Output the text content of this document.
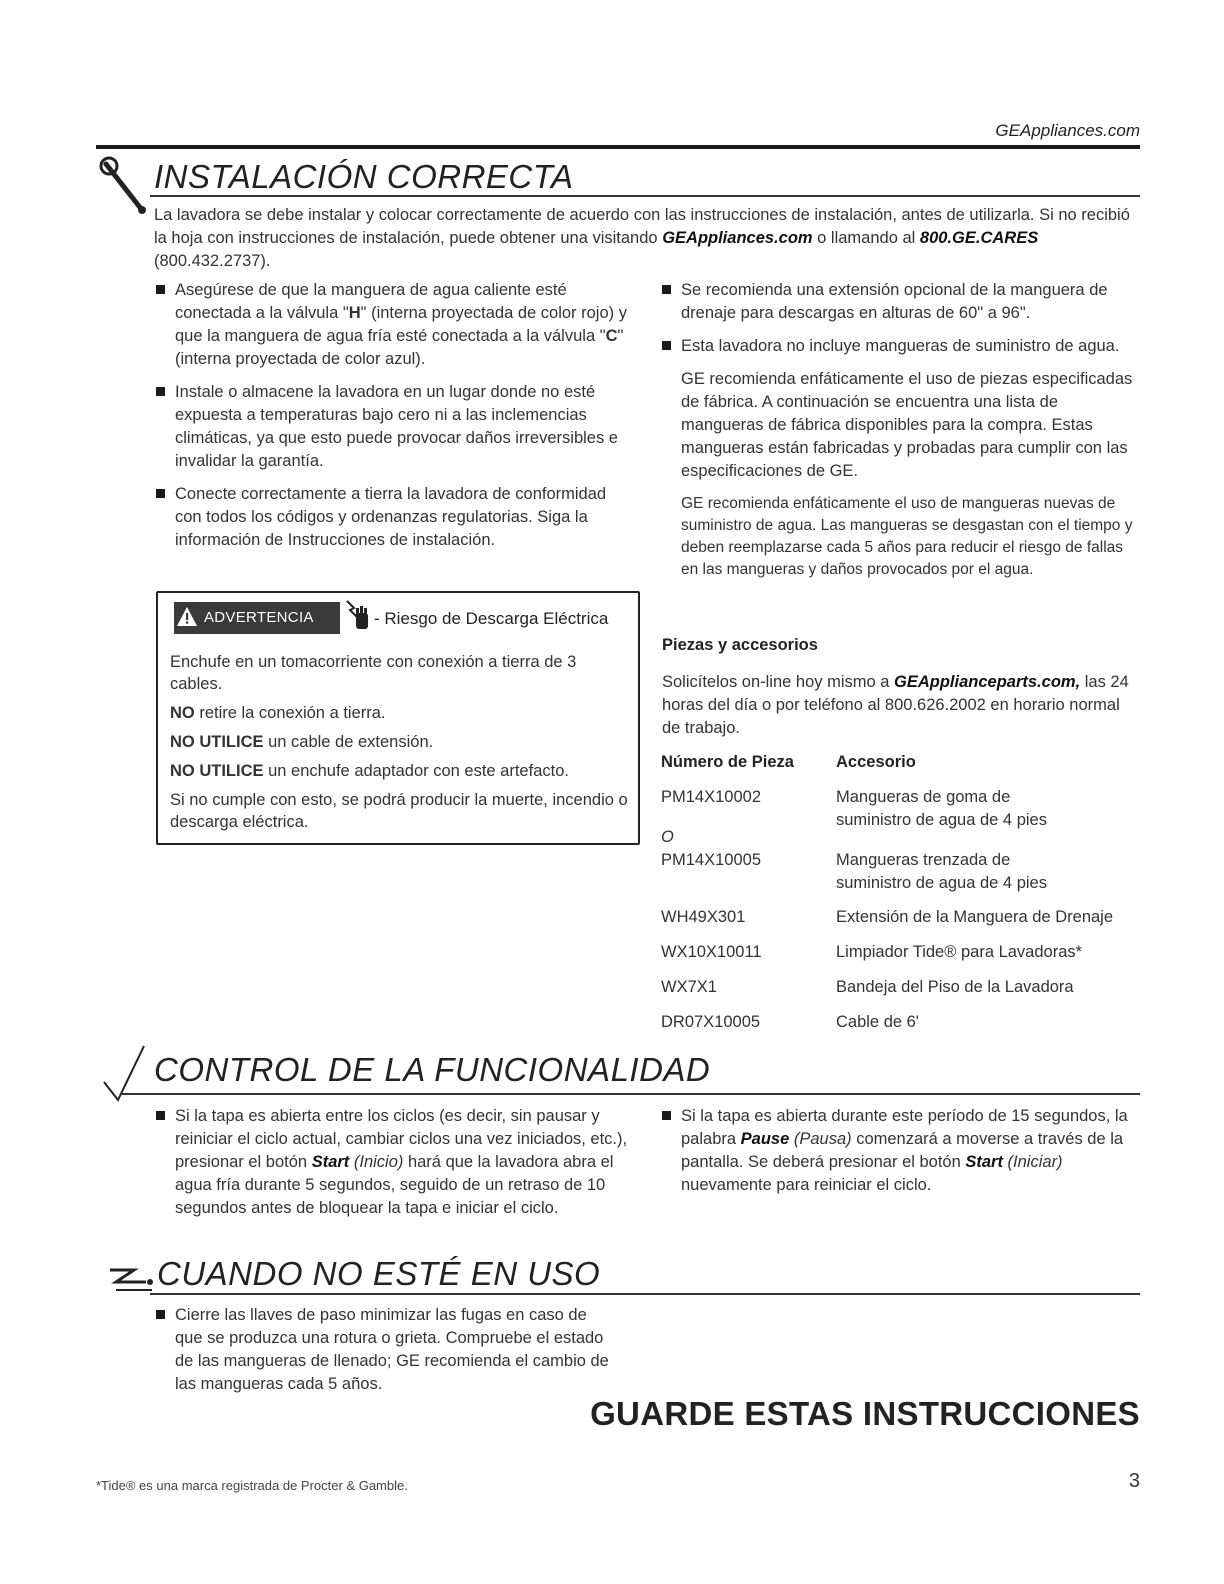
GEAppliances.com
INSTALACIÓN CORRECTA

La lavadora se debe instalar y colocar correctamente de acuerdo con las instrucciones de instalación, antes de utilizarla. Si no recibió la hoja con instrucciones de instalación, puede obtener una visitando GEAppliances.com o llamando al 800.GE.CARES (800.432.2737).

Asegúrese de que la manguera de agua caliente esté conectada a la válvula "H" (interna proyectada de color rojo) y que la manguera de agua fría esté conectada a la válvula "C" (interna proyectada de color azul).
Instale o almacene la lavadora en un lugar donde no esté expuesta a temperaturas bajo cero ni a las inclemencias climáticas, ya que esto puede provocar daños irreversibles e invalidar la garantía.
Conecte correctamente a tierra la lavadora de conformidad con todos los códigos y ordenanzas regulatorias. Siga la información de Instrucciones de instalación.
ADVERTENCIA	- Riesgo de Descarga Eléctrica

Enchufe en un tomacorriente con conexión a tierra de 3 cables.

NO retire la conexión a tierra.

NO UTILICE un cable de extensión.

NO UTILICE un enchufe adaptador con este artefacto.

Si no cumple con esto, se podrá producir la muerte, incendio o descarga eléctrica.

Se recomienda una extensión opcional de la manguera de drenaje para descargas en alturas de 60" a 96".
Esta lavadora no incluye mangueras de suministro de agua.

GE recomienda enfáticamente el uso de piezas especificadas de fábrica. A continuación se encuentra una lista de mangueras de fábrica disponibles para la compra. Estas mangueras están fabricadas y probadas para cumplir con las especificaciones de GE.

GE recomienda enfáticamente el uso de mangueras nuevas de suministro de agua. Las mangueras se desgastan con el tiempo y deben reemplazarse cada 5 años para reducir el riesgo de fallas en las mangueras y daños provocados por el agua.

Piezas y accesorios

Solicítelos on-line hoy mismo a GEApplianceparts.com, las 24 horas del día o por teléfono al 800.626.2002 en horario normal de trabajo.

Número de Pieza	Accesorio
PM14X10002	Mangueras de goma de suministro de agua de 4 pies
O
PM14X10005	Mangueras trenzada de suministro de agua de 4 pies
WH49X301	Extensión de la Manguera de Drenaje
WX10X10011	Limpiador Tide® para Lavadoras*
WX7X1	Bandeja del Piso de la Lavadora
DR07X10005	Cable de 6'
CONTROL DE LA FUNCIONALIDAD
Si la tapa es abierta entre los ciclos (es decir, sin pausar y reiniciar el ciclo actual, cambiar ciclos una vez iniciados, etc.), presionar el botón Start (Inicio) hará que la lavadora abra el agua fría durante 5 segundos, seguido de un retraso de 10 segundos antes de bloquear la tapa e iniciar el ciclo.
Si la tapa es abierta durante este período de 15 segundos, la palabra Pause (Pausa) comenzará a moverse a través de la pantalla. Se deberá presionar el botón Start (Iniciar) nuevamente para reiniciar el ciclo.
CUANDO NO ESTÉ EN USO
Cierre las llaves de paso minimizar las fugas en caso de que se produzca una rotura o grieta. Compruebe el estado de las mangueras de llenado; GE recomienda el cambio de las mangueras cada 5 años.
GUARDE ESTAS INSTRUCCIONES
*Tide® es una marca registrada de Procter & Gamble.	3
